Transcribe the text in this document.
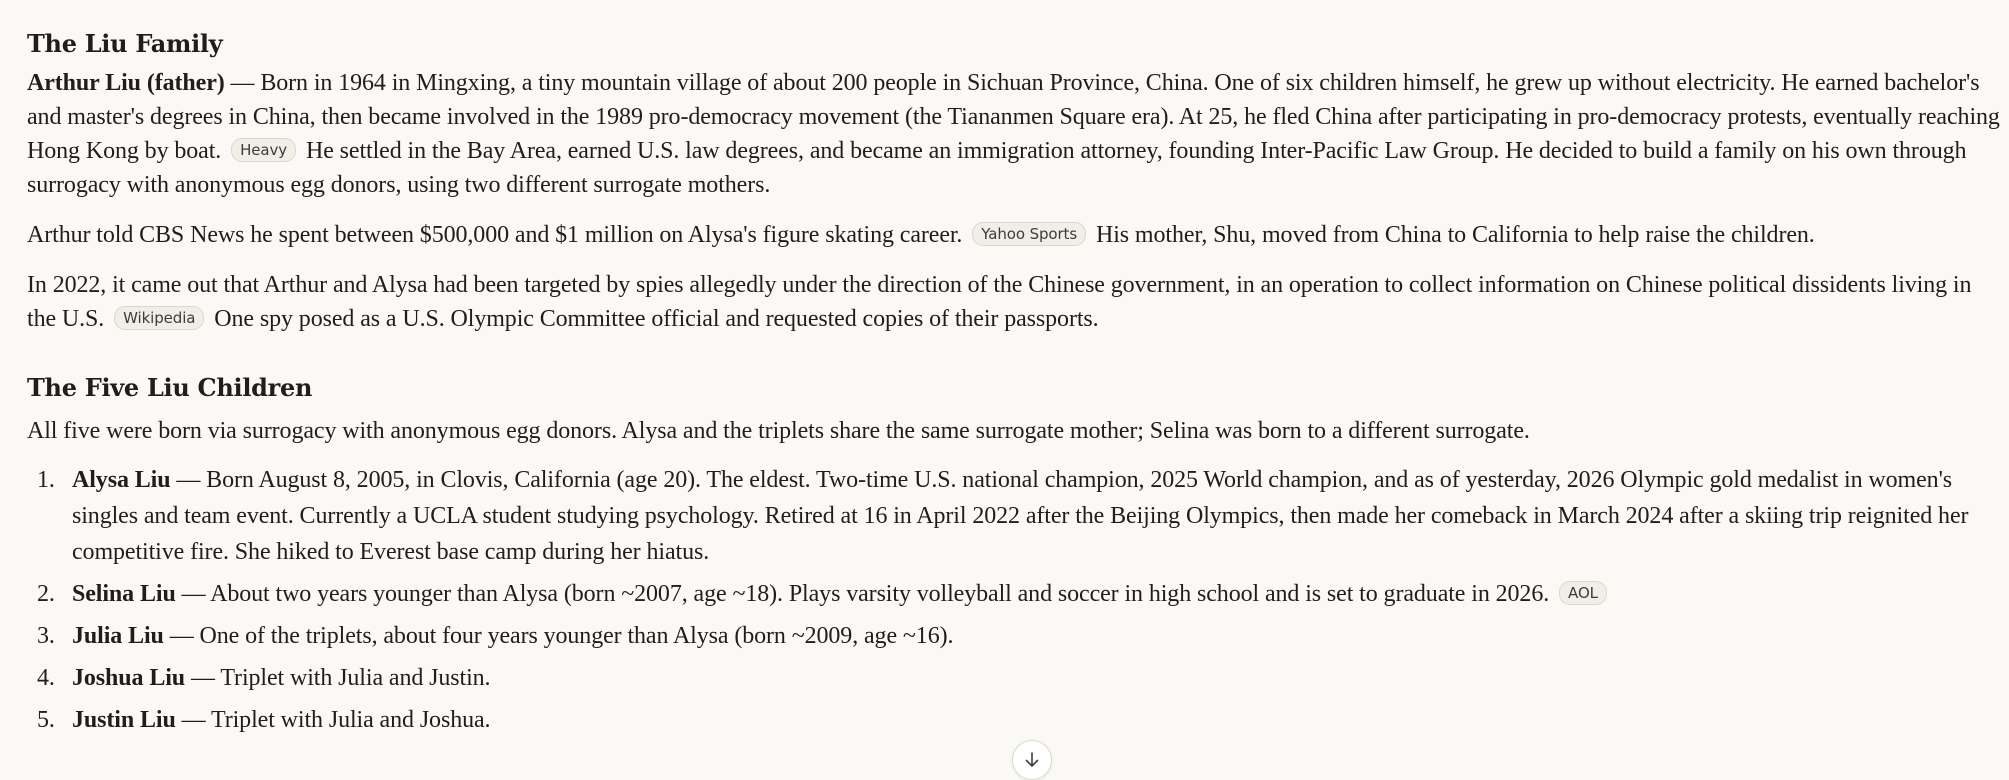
The Liu Family

Arthur Liu (father) — Born in 1964 in Mingxing, a tiny mountain village of about 200 people in Sichuan Province, China. One of six children himself, he grew up without electricity. He earned bachelor's and master's degrees in China, then became involved in the 1989 pro-democracy movement (the Tiananmen Square era). At 25, he fled China after participating in pro-democracy protests, eventually reaching Hong Kong by boat. Heavy He settled in the Bay Area, earned U.S. law degrees, and became an immigration attorney, founding Inter-Pacific Law Group. He decided to build a family on his own through surrogacy with anonymous egg donors, using two different surrogate mothers.

Arthur told CBS News he spent between $500,000 and $1 million on Alysa's figure skating career. Yahoo Sports His mother, Shu, moved from China to California to help raise the children.

In 2022, it came out that Arthur and Alysa had been targeted by spies allegedly under the direction of the Chinese government, in an operation to collect information on Chinese political dissidents living in the U.S. Wikipedia One spy posed as a U.S. Olympic Committee official and requested copies of their passports.

The Five Liu Children

All five were born via surrogacy with anonymous egg donors. Alysa and the triplets share the same surrogate mother; Selina was born to a different surrogate.

1. Alysa Liu — Born August 8, 2005, in Clovis, California (age 20). The eldest. Two-time U.S. national champion, 2025 World champion, and as of yesterday, 2026 Olympic gold medalist in women's singles and team event. Currently a UCLA student studying psychology. Retired at 16 in April 2022 after the Beijing Olympics, then made her comeback in March 2024 after a skiing trip reignited her competitive fire. She hiked to Everest base camp during her hiatus.
2. Selina Liu — About two years younger than Alysa (born ~2007, age ~18). Plays varsity volleyball and soccer in high school and is set to graduate in 2026. AOL
3. Julia Liu — One of the triplets, about four years younger than Alysa (born ~2009, age ~16).
4. Joshua Liu — Triplet with Julia and Justin.
5. Justin Liu — Triplet with Julia and Joshua.
